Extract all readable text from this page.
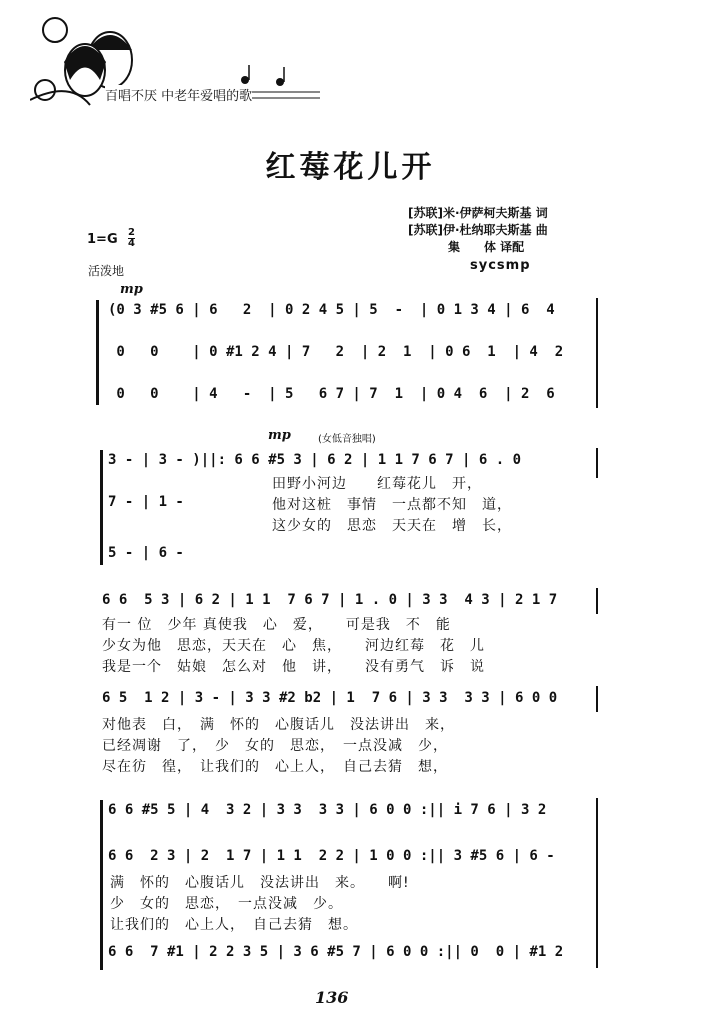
百唱不厌 中老年爱唱的歌
红莓花儿开
[苏联]米·伊萨柯夫斯基 词
[苏联]伊·杜纳耶夫斯基 曲
集　　体 译配
sycsmp
1=G 2
4
活泼地
mp
(0 3 #5 6 | 6   2  | 0 2 4 5 | 5  -  | 0 1 3 4 | 6  4
0   0    | 0 #1 2 4 | 7   2  | 2  1  | 0 6  1  | 4  2
0   0    | 4   -  | 5   6 7 | 7  1  | 0 4  6  | 2  6
mp	(女低音独唱)
3 - | 3 - )||: 6 6 #5 3 | 6 2 | 1 1 7 6 7 | 6 . 0
田野小河边　　红莓花儿　开，
7 - | 1 -	他对这桩　事情　一点都不知　道，
这少女的　思恋　天天在　增　长，
5 - | 6 -
6 6  5 3 | 6 2 | 1 1  7 6 7 | 1 . 0 | 3 3  4 3 | 2 1 7
有一 位　少年 真使我　心　爱，　　可是我　不　能
少女为他　思恋，天天在　心　焦，　　河边红莓　花　儿
我是一个　姑娘　怎么对　他　讲，　　没有勇气　诉　说
6 5  1 2 | 3 - | 3 3 #2 b2 | 1  7 6 | 3 3  3 3 | 6 0 0
对他表　白，　满　怀的　心腹话儿　没法讲出　来，
已经凋谢　了，　少　女的　思恋，　一点没减　少，
尽在彷　徨，　让我们的　心上人，　自己去猜　想，
6 6 #5 5 | 4  3 2 | 3 3  3 3 | 6 0 0 :|| i 7 6 | 3 2
6 6  2 3 | 2  1 7 | 1 1  2 2 | 1 0 0 :|| 3 #5 6 | 6 -
满　怀的　心腹话儿　没法讲出　来。　　啊!
少　女的　思恋，　一点没减　少。
让我们的　心上人，　自己去猜　想。
6 6  7 #1 | 2 2 3 5 | 3 6 #5 7 | 6 0 0 :|| 0  0 | #1 2
136
